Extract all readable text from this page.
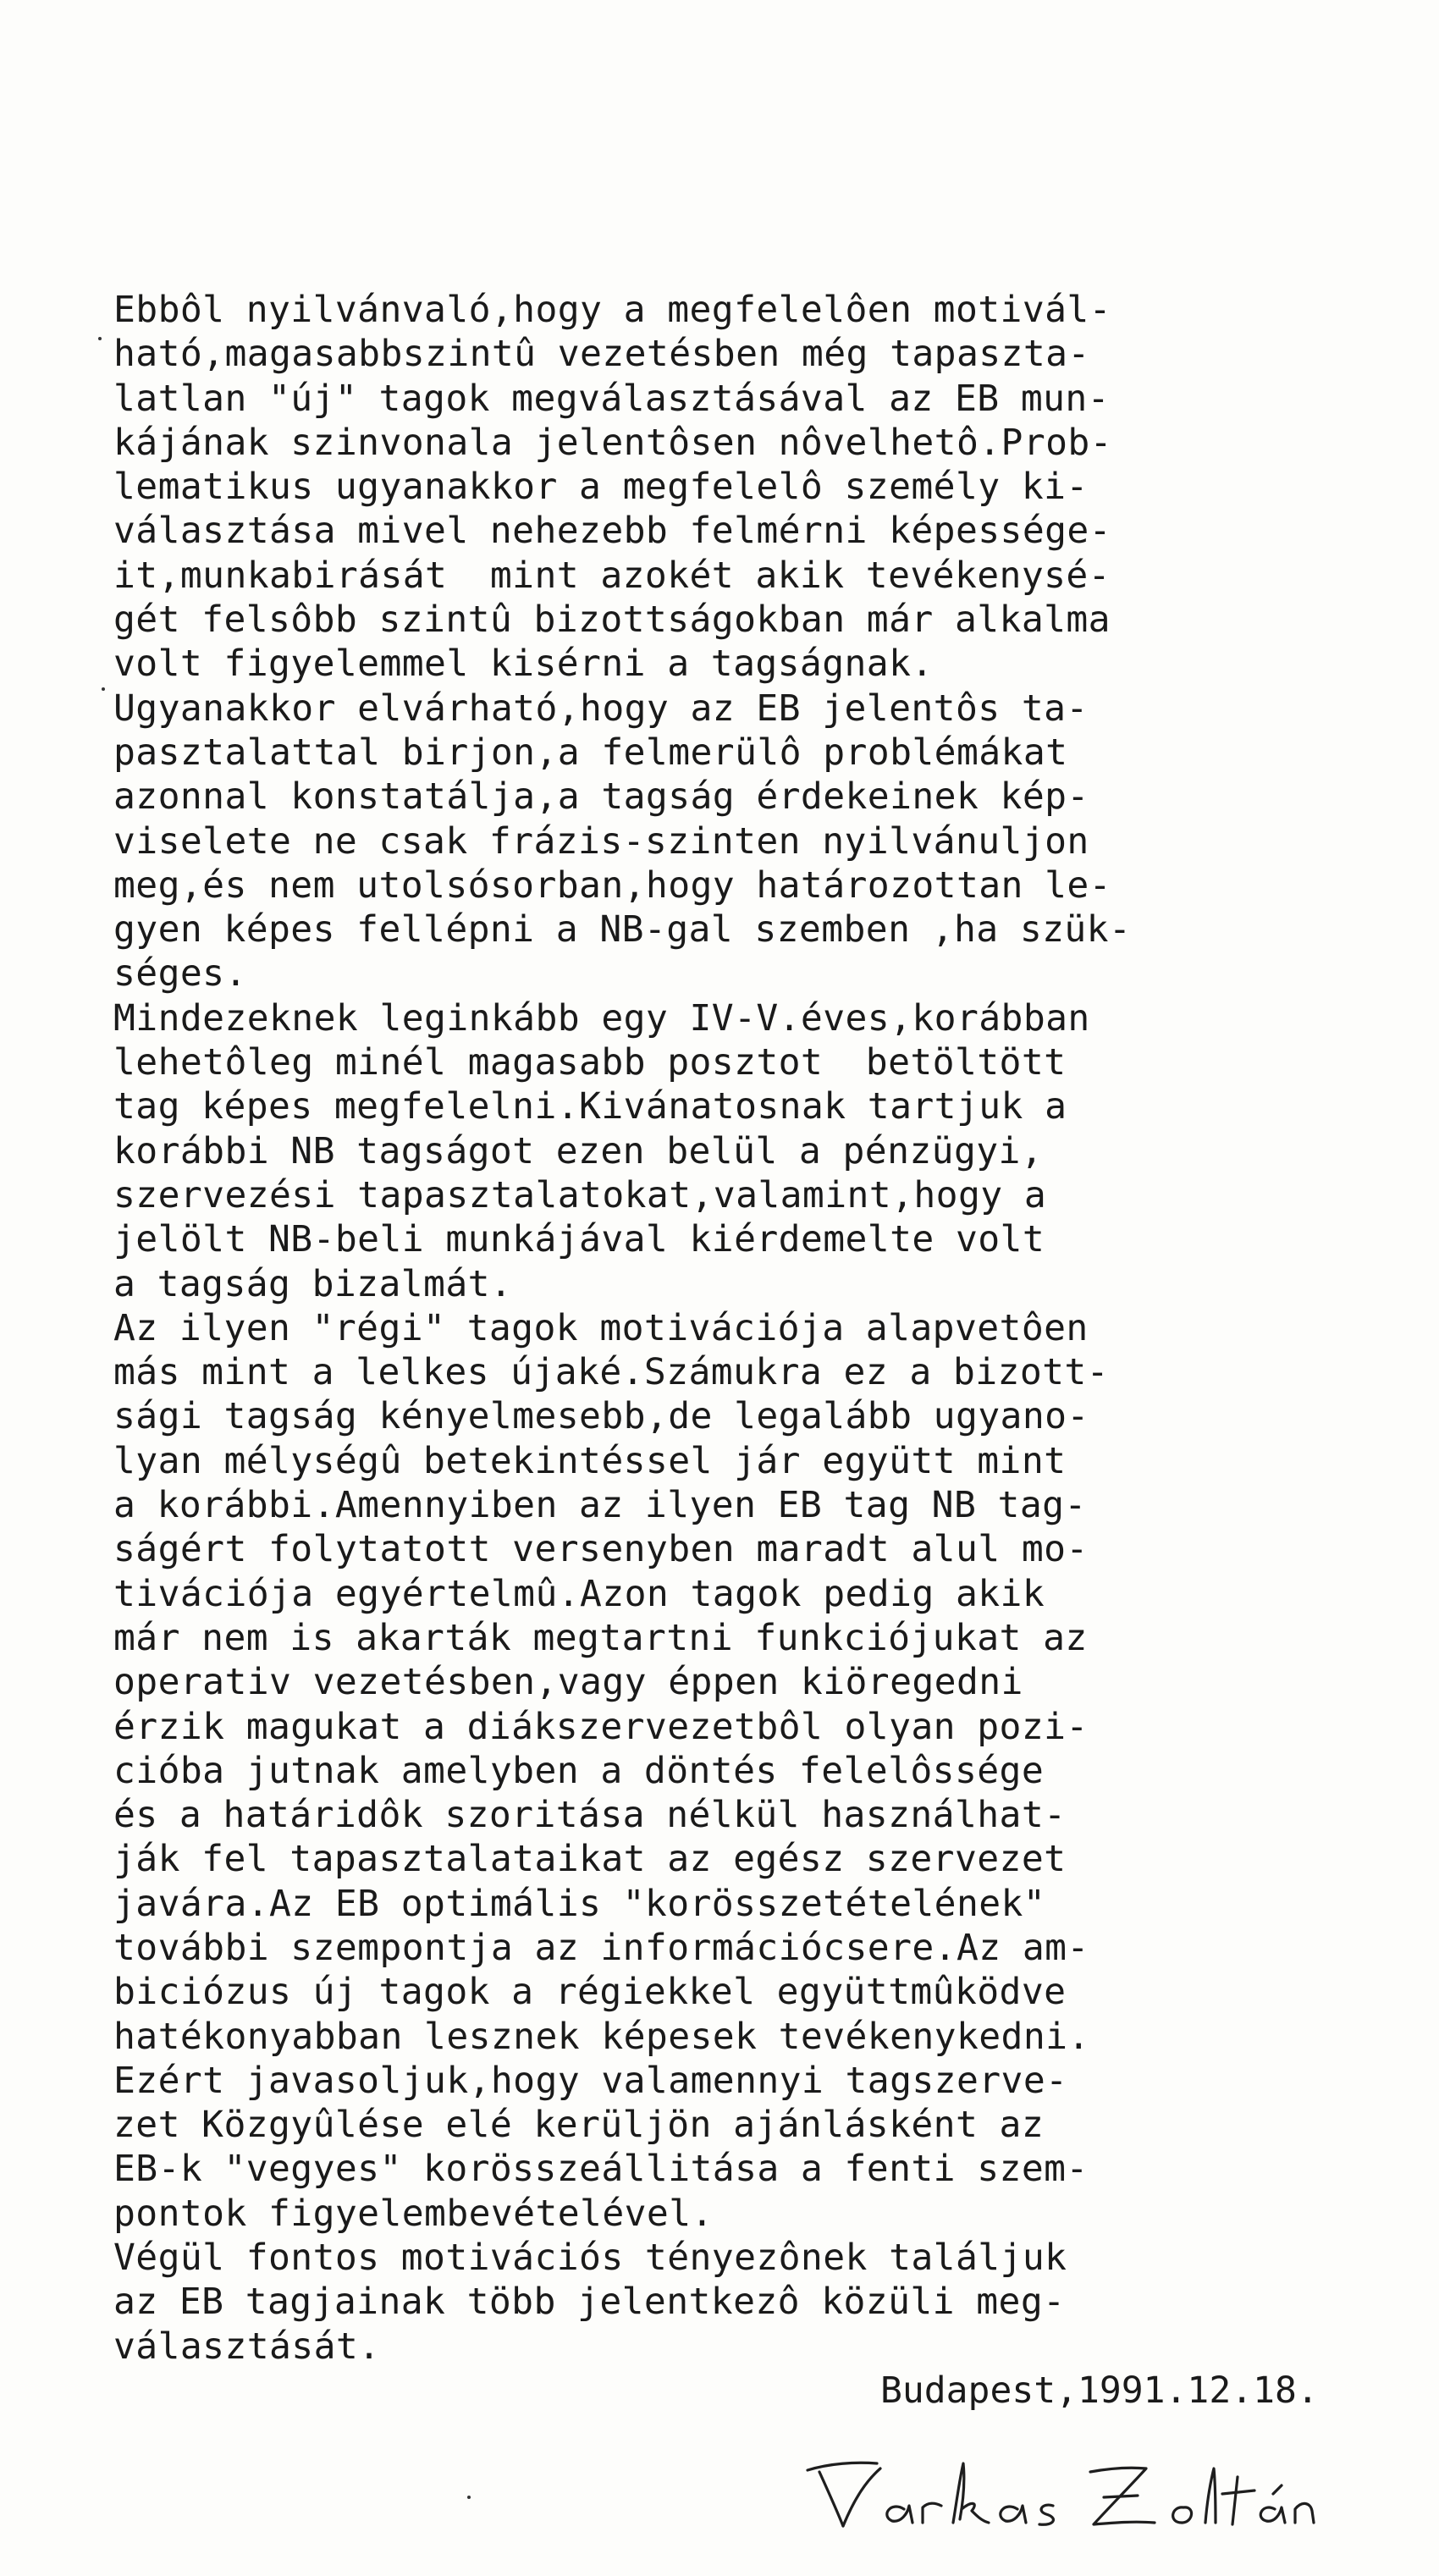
Ebbôl nyilvánvaló,hogy a megfelelôen motivál-
ható,magasabbszintû vezetésben még tapaszta-
latlan "új" tagok megválasztásával az EB mun-
kájának szinvonala jelentôsen nôvelhetô.Prob-
lematikus ugyanakkor a megfelelô személy ki-
választása mivel nehezebb felmérni képessége-
it,munkabirását  mint azokét akik tevékenysé-
gét felsôbb szintû bizottságokban már alkalma
volt figyelemmel kisérni a tagságnak.
Ugyanakkor elvárható,hogy az EB jelentôs ta-
pasztalattal birjon,a felmerülô problémákat
azonnal konstatálja,a tagság érdekeinek kép-
viselete ne csak frázis-szinten nyilvánuljon
meg,és nem utolsósorban,hogy határozottan le-
gyen képes fellépni a NB-gal szemben ,ha szük-
séges.
Mindezeknek leginkább egy IV-V.éves,korábban
lehetôleg minél magasabb posztot  betöltött
tag képes megfelelni.Kivánatosnak tartjuk a
korábbi NB tagságot ezen belül a pénzügyi,
szervezési tapasztalatokat,valamint,hogy a
jelölt NB-beli munkájával kiérdemelte volt
a tagság bizalmát.
Az ilyen "régi" tagok motivációja alapvetôen
más mint a lelkes újaké.Számukra ez a bizott-
sági tagság kényelmesebb,de legalább ugyano-
lyan mélységû betekintéssel jár együtt mint
a korábbi.Amennyiben az ilyen EB tag NB tag-
ságért folytatott versenyben maradt alul mo-
tivációja egyértelmû.Azon tagok pedig akik
már nem is akarták megtartni funkciójukat az
operativ vezetésben,vagy éppen kiöregedni
érzik magukat a diákszervezetbôl olyan pozi-
cióba jutnak amelyben a döntés felelôssége
és a határidôk szoritása nélkül használhat-
ják fel tapasztalataikat az egész szervezet
javára.Az EB optimális "korösszetételének"
további szempontja az információcsere.Az am-
biciózus új tagok a régiekkel együttmûködve
hatékonyabban lesznek képesek tevékenykedni.
Ezért javasoljuk,hogy valamennyi tagszerve-
zet Közgyûlése elé kerüljön ajánlásként az
EB-k "vegyes" korösszeállitása a fenti szem-
pontok figyelembevételével.
Végül fontos motivációs tényezônek találjuk
az EB tagjainak több jelentkezô közüli meg-
választását.
Budapest,1991.12.18.
